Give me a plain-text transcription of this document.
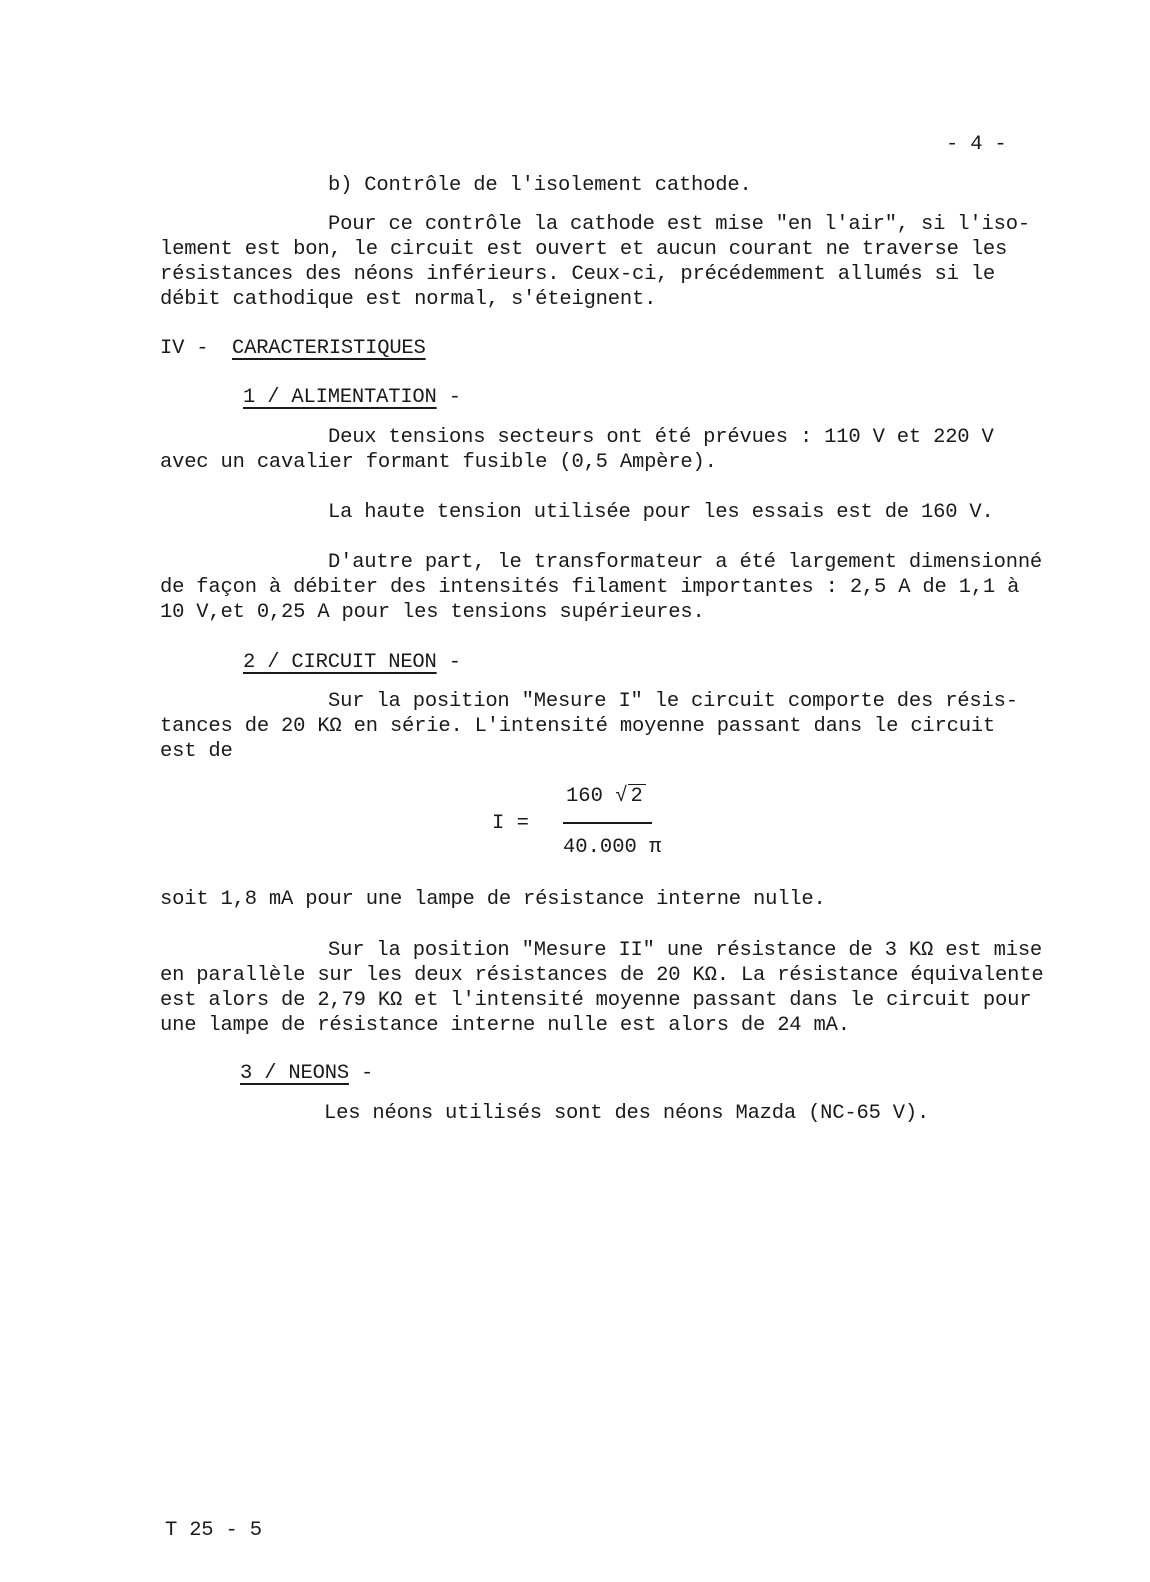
- 4 -
b) Contrôle de l'isolement cathode.
Pour ce contrôle la cathode est mise "en l'air", si l'iso-
lement est bon, le circuit est ouvert et aucun courant ne traverse les
résistances des néons inférieurs. Ceux-ci, précédemment allumés si le
débit cathodique est normal, s'éteignent.
IV - CARACTERISTIQUES
1 / ALIMENTATION -
Deux tensions secteurs ont été prévues : 110 V et 220 V
avec un cavalier formant fusible (0,5 Ampère).
La haute tension utilisée pour les essais est de 160 V.
D'autre part, le transformateur a été largement dimensionné
de façon à débiter des intensités filament importantes : 2,5 A de 1,1 à
10 V,et 0,25 A pour les tensions supérieures.
2 / CIRCUIT NEON -
Sur la position "Mesure I" le circuit comporte des résis-
tances de 20 KΩ en série. L'intensité moyenne passant dans le circuit
est de
I =
160 √ 2
40.000 π
soit 1,8 mA pour une lampe de résistance interne nulle.
Sur la position "Mesure II" une résistance de 3 KΩ est mise
en parallèle sur les deux résistances de 20 KΩ. La résistance équivalente
est alors de 2,79 KΩ et l'intensité moyenne passant dans le circuit pour
une lampe de résistance interne nulle est alors de 24 mA.
3 / NEONS -
Les néons utilisés sont des néons Mazda (NC-65 V).
T 25 - 5
